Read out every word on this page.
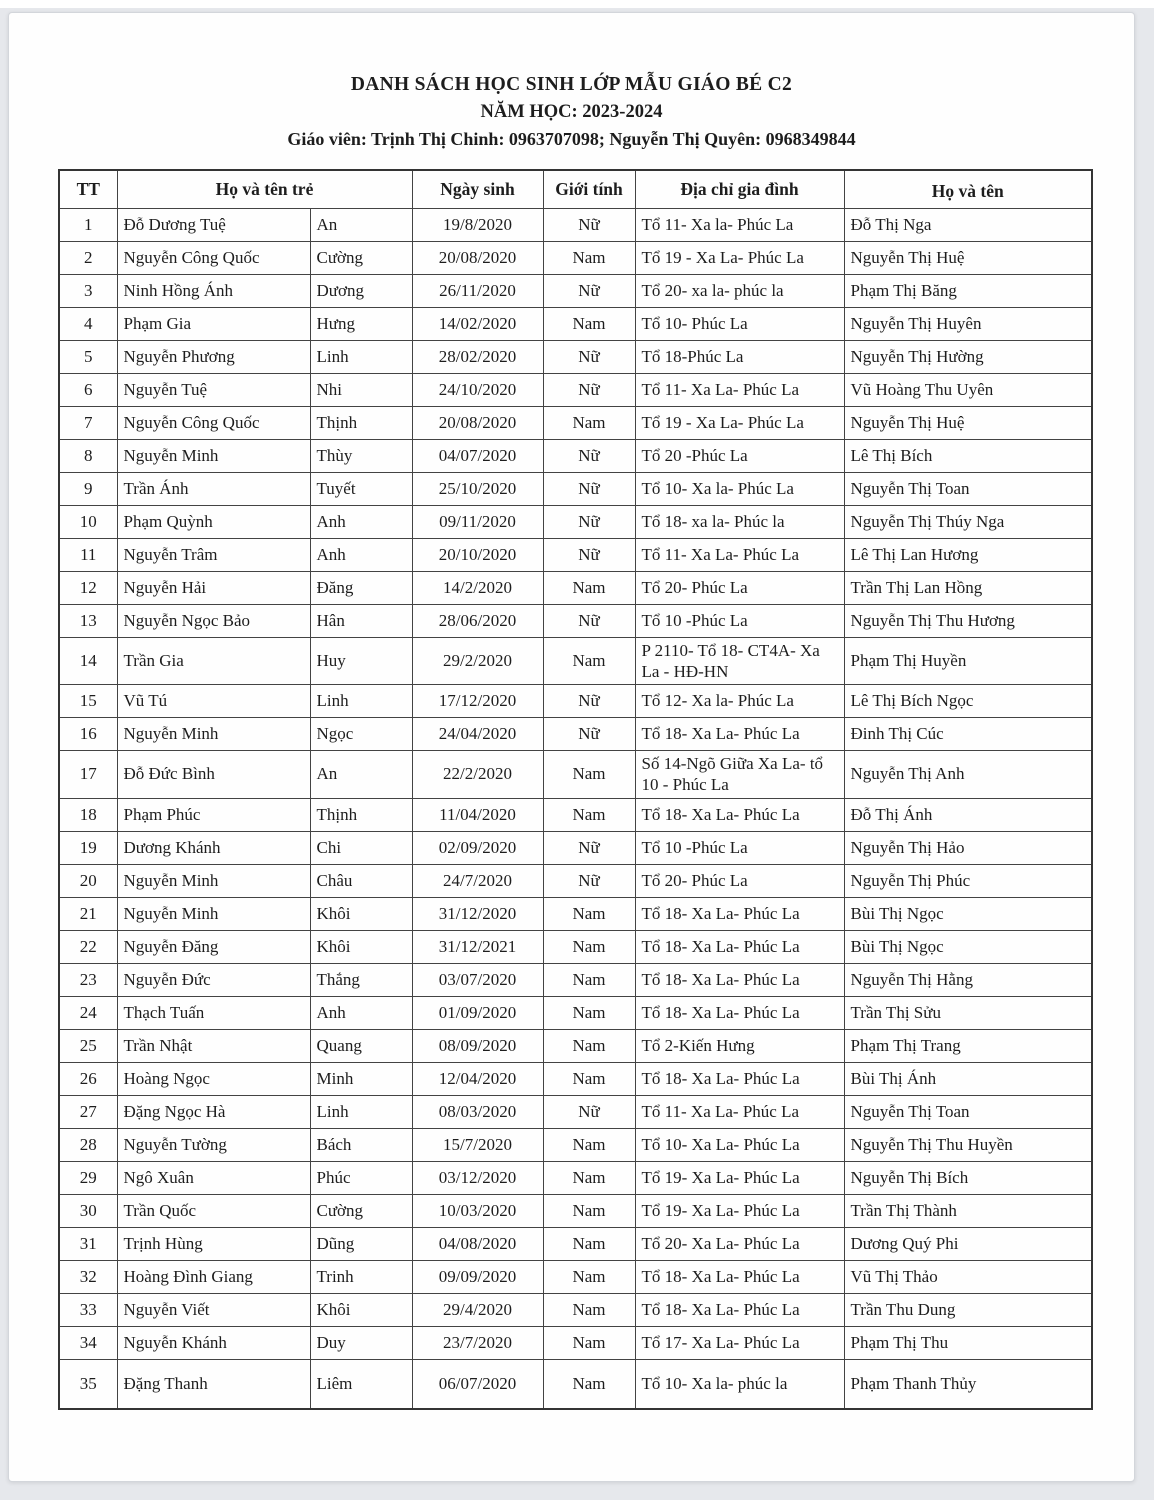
DANH SÁCH HỌC SINH LỚP MẪU GIÁO BÉ C2
NĂM HỌC: 2023-2024
Giáo viên: Trịnh Thị Chinh: 0963707098; Nguyễn Thị Quyên: 0968349844
TT	Họ và tên trẻ		Ngày sinh	Giới tính	Địa chỉ gia đình	Họ và tên
1	Đỗ Dương Tuệ	An	19/8/2020	Nữ	Tổ 11- Xa la- Phúc La	Đỗ Thị Nga
2	Nguyễn Công Quốc	Cường	20/08/2020	Nam	Tổ 19 - Xa La- Phúc La	Nguyễn Thị Huệ
3	Ninh Hồng Ánh	Dương	26/11/2020	Nữ	Tổ 20- xa la- phúc la	Phạm Thị Băng
4	Phạm Gia	Hưng	14/02/2020	Nam	Tổ 10- Phúc La	Nguyễn Thị Huyên
5	Nguyễn Phương	Linh	28/02/2020	Nữ	Tổ 18-Phúc La	Nguyễn Thị Hường
6	Nguyễn Tuệ	Nhi	24/10/2020	Nữ	Tổ 11- Xa La- Phúc La	Vũ Hoàng Thu Uyên
7	Nguyễn Công Quốc	Thịnh	20/08/2020	Nam	Tổ 19 - Xa La- Phúc La	Nguyễn Thị Huệ
8	Nguyễn Minh	Thùy	04/07/2020	Nữ	Tổ 20 -Phúc La	Lê Thị Bích
9	Trần Ánh	Tuyết	25/10/2020	Nữ	Tổ 10- Xa la- Phúc La	Nguyễn Thị Toan
10	Phạm Quỳnh	Anh	09/11/2020	Nữ	Tổ 18- xa la- Phúc la	Nguyễn Thị Thúy Nga
11	Nguyễn Trâm	Anh	20/10/2020	Nữ	Tổ 11- Xa La- Phúc La	Lê Thị Lan Hương
12	Nguyễn Hải	Đăng	14/2/2020	Nam	Tổ 20- Phúc La	Trần Thị Lan Hồng
13	Nguyễn Ngọc Bảo	Hân	28/06/2020	Nữ	Tổ 10 -Phúc La	Nguyễn Thị Thu Hương
14	Trần Gia	Huy	29/2/2020	Nam	P 2110- Tổ 18- CT4A- Xa La - HĐ-HN	Phạm Thị Huyền
15	Vũ Tú	Linh	17/12/2020	Nữ	Tổ 12- Xa la- Phúc La	Lê Thị Bích Ngọc
16	Nguyễn Minh	Ngọc	24/04/2020	Nữ	Tổ 18- Xa La- Phúc La	Đinh Thị Cúc
17	Đỗ Đức Bình	An	22/2/2020	Nam	Số 14-Ngõ Giữa Xa La- tổ 10 - Phúc La	Nguyễn Thị Anh
18	Phạm Phúc	Thịnh	11/04/2020	Nam	Tổ 18- Xa La- Phúc La	Đỗ Thị Ánh
19	Dương Khánh	Chi	02/09/2020	Nữ	Tổ 10 -Phúc La	Nguyễn Thị Hảo
20	Nguyễn Minh	Châu	24/7/2020	Nữ	Tổ 20- Phúc La	Nguyễn Thị Phúc
21	Nguyễn Minh	Khôi	31/12/2020	Nam	Tổ 18- Xa La- Phúc La	Bùi Thị Ngọc
22	Nguyễn Đăng	Khôi	31/12/2021	Nam	Tổ 18- Xa La- Phúc La	Bùi Thị Ngọc
23	Nguyễn Đức	Thắng	03/07/2020	Nam	Tổ 18- Xa La- Phúc La	Nguyễn Thị Hằng
24	Thạch Tuấn	Anh	01/09/2020	Nam	Tổ 18- Xa La- Phúc La	Trần Thị Sửu
25	Trần Nhật	Quang	08/09/2020	Nam	Tổ 2-Kiến Hưng	Phạm Thị Trang
26	Hoàng Ngọc	Minh	12/04/2020	Nam	Tổ 18- Xa La- Phúc La	Bùi Thị Ánh
27	Đặng Ngọc Hà	Linh	08/03/2020	Nữ	Tổ 11- Xa La- Phúc La	Nguyễn Thị Toan
28	Nguyễn Tường	Bách	15/7/2020	Nam	Tổ 10- Xa La- Phúc La	Nguyễn Thị Thu Huyền
29	Ngô Xuân	Phúc	03/12/2020	Nam	Tổ 19- Xa La- Phúc La	Nguyễn Thị Bích
30	Trần Quốc	Cường	10/03/2020	Nam	Tổ 19- Xa La- Phúc La	Trần Thị Thành
31	Trịnh Hùng	Dũng	04/08/2020	Nam	Tổ 20- Xa La- Phúc La	Dương Quý Phi
32	Hoàng Đình Giang	Trinh	09/09/2020	Nam	Tổ 18- Xa La- Phúc La	Vũ Thị Thảo
33	Nguyễn Viết	Khôi	29/4/2020	Nam	Tổ 18- Xa La- Phúc La	Trần Thu Dung
34	Nguyễn Khánh	Duy	23/7/2020	Nam	Tổ 17- Xa La- Phúc La	Phạm Thị Thu
35	Đặng Thanh	Liêm	06/07/2020	Nam	Tổ 10- Xa la- phúc la	Phạm Thanh Thủy
